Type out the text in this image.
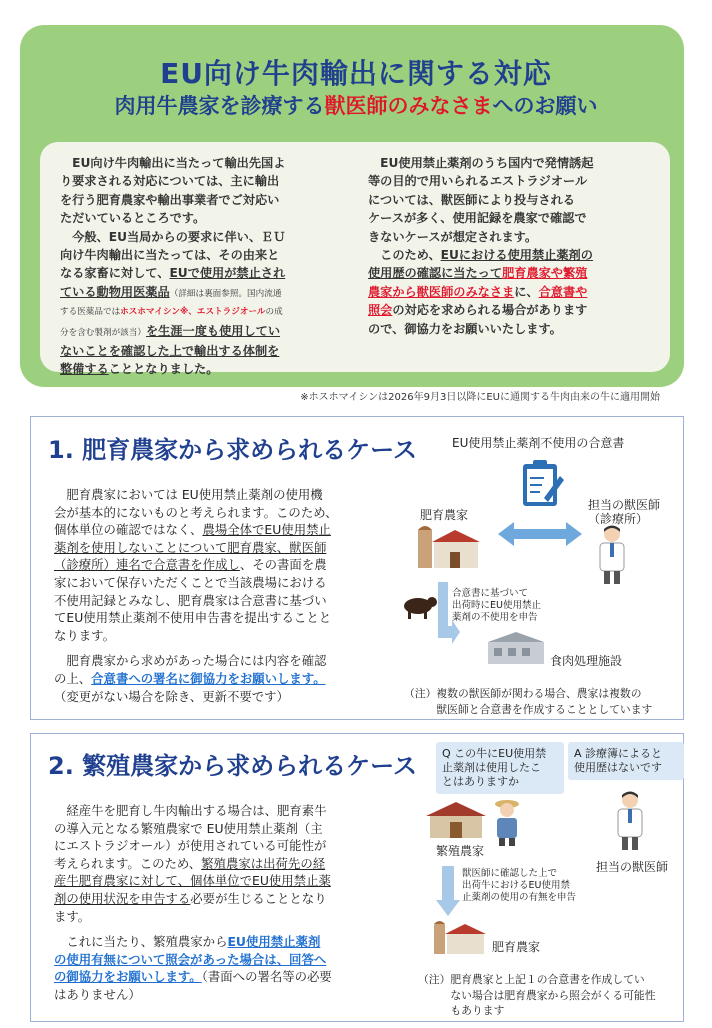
EU向け牛肉輸出に関する対応
肉用牛農家を診療する獣医師のみなさまへのお願い
　EU向け牛肉輸出に当たって輸出先国よ
り要求される対応については、主に輸出
を行う肥育農家や輸出事業者でご対応い
ただいているところです。
　今般、EU当局からの要求に伴い、ＥＵ
向け牛肉輸出に当たっては、その由来と
なる家畜に対して、EUで使用が禁止され
ている動物用医薬品（詳細は裏面参照。国内流通
する医薬品ではホスホマイシン※、エストラジオールの成
分を含む製剤が該当）を生涯一度も使用してい
ないことを確認した上で輸出する体制を
整備することとなりました。
　EU使用禁止薬剤のうち国内で発情誘起
等の目的で用いられるエストラジオール
については、獣医師により投与される
ケースが多く、使用記録を農家で確認で
きないケースが想定されます。
　このため、EUにおける使用禁止薬剤の
使用歴の確認に当たって肥育農家や繁殖
農家から獣医師のみなさまに、合意書や
照会の対応を求められる場合があります
ので、御協力をお願いいたします。
※ホスホマイシンは2026年9月3日以降にEUに通関する牛肉由来の牛に適用開始
1. 肥育農家から求められるケース
　肥育農家においては EU使用禁止薬剤の使用機
会が基本的にないものと考えられます。このため、
個体単位の確認ではなく、農場全体でEU使用禁止
薬剤を使用しないことについて肥育農家、獣医師
（診療所）連名で合意書を作成し、その書面を農
家において保存いただくことで当該農場における
不使用記録とみなし、肥育農家は合意書に基づい
てEU使用禁止薬剤不使用申告書を提出することと
なります。
　肥育農家から求めがあった場合には内容を確認
の上、合意書への署名に御協力をお願いします。
（変更がない場合を除き、更新不要です）
EU使用禁止薬剤不使用の合意書
担当の獣医師
（診療所）
肥育農家
合意書に基づいて
出荷時にEU使用禁止
薬剤の不使用を申告
食肉処理施設
（注）複数の獣医師が関わる場合、農家は複数の
　　　獣医師と合意書を作成することとしています
2. 繁殖農家から求められるケース
　経産牛を肥育し牛肉輸出する場合は、肥育素牛
の導入元となる繁殖農家で EU使用禁止薬剤（主
にエストラジオール）が使用されている可能性が
考えられます。このため、繁殖農家は出荷先の経
産牛肥育農家に対して、個体単位でEU使用禁止薬
剤の使用状況を申告する必要が生じることとなり
ます。
　これに当たり、繁殖農家からEU使用禁止薬剤
の使用有無について照会があった場合は、回答へ
の御協力をお願いします。（書面への署名等の必要
はありません）
Q この牛にEU使用禁
止薬剤は使用したこ
とはありますか
A 診療簿によると
使用歴はないです
繁殖農家
担当の獣医師
獣医師に確認した上で
出荷牛におけるEU使用禁
止薬剤の使用の有無を申告
肥育農家
（注）肥育農家と上記１の合意書を作成してい
　　　ない場合は肥育農家から照会がくる可能性
　　　もあります
